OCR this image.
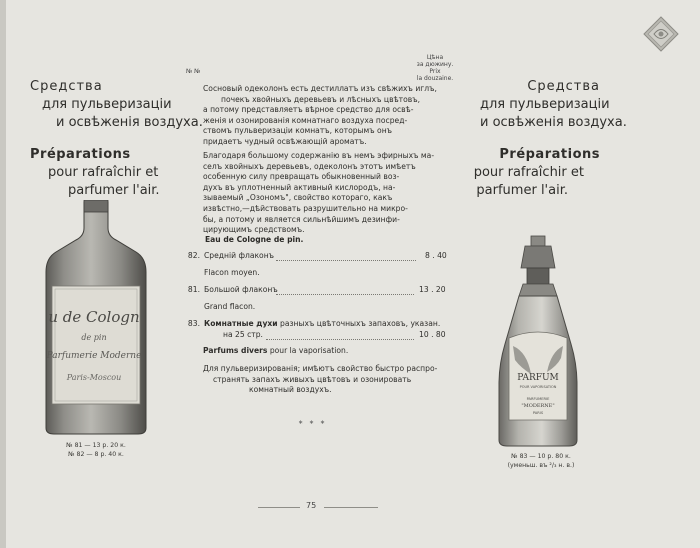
Средства
для пульверизаціи
и освѣженія воздуха.
Préparations
pour rafraîchir et
parfumer l'air.
u de Cologn
de pin
Parfumerie Moderne
Paris-Moscou
№ 81 — 13 р. 20 к.
№ 82 — 8 р. 40 к.
№ №
Цѣна
за дюжину.
Prix
la douzaine.
Сосновый одеколонъ есть дестиллатъ изъ свѣжихъ иглъ,
почекъ хвойныхъ деревьевъ и лѣсныхъ цвѣтовъ,
а потому представляетъ вѣрное средство для освѣ-
женія и озонированія комнатнаго воздуха посред-
ствомъ пульверизаціи комнатъ, которымъ онъ
придаетъ чудный освѣжающій ароматъ.
Благодаря большому содержанію въ немъ эфирныхъ ма-
селъ хвойныхъ деревьевъ, одеколонъ этотъ имѣетъ
особенную силу превращать обыкновенный воз-
духъ въ уплотненный активный кислородъ, на-
зываемый „Озономъ", свойство котораго, какъ
извѣстно,—дѣйствовать разрушительно на микро-
бы, а потому и является сильнѣйшимъ дезинфи-
цирующимъ средствомъ.
Eau de Cologne de pin.
82. Средній флаконъ	8 . 40
Flacon moyen.
81. Большой флаконъ	13 . 20
Grand flacon.
83. Комнатные духи разныхъ цвѣточныхъ запаховъ, указан.
на 25 стр.	10 . 80
Parfums divers pour la vaporisation.
Для пульверизированія; имѣютъ свойство быстро распро-
странять запахъ живыхъ цвѣтовъ и озонировать
комнатный воздухъ.
∗ ∗ ∗
Средства
для пульверизаціи
и освѣженія воздуха.
Préparations
pour rafraîchir et
parfumer l'air.
PARFUM
POUR VAPORISATION
PARFUMERIE
"MODERNE"
PARIS
№ 83 — 10 р. 80 к.
(уменьш. въ ²/₃ н. в.)
75
